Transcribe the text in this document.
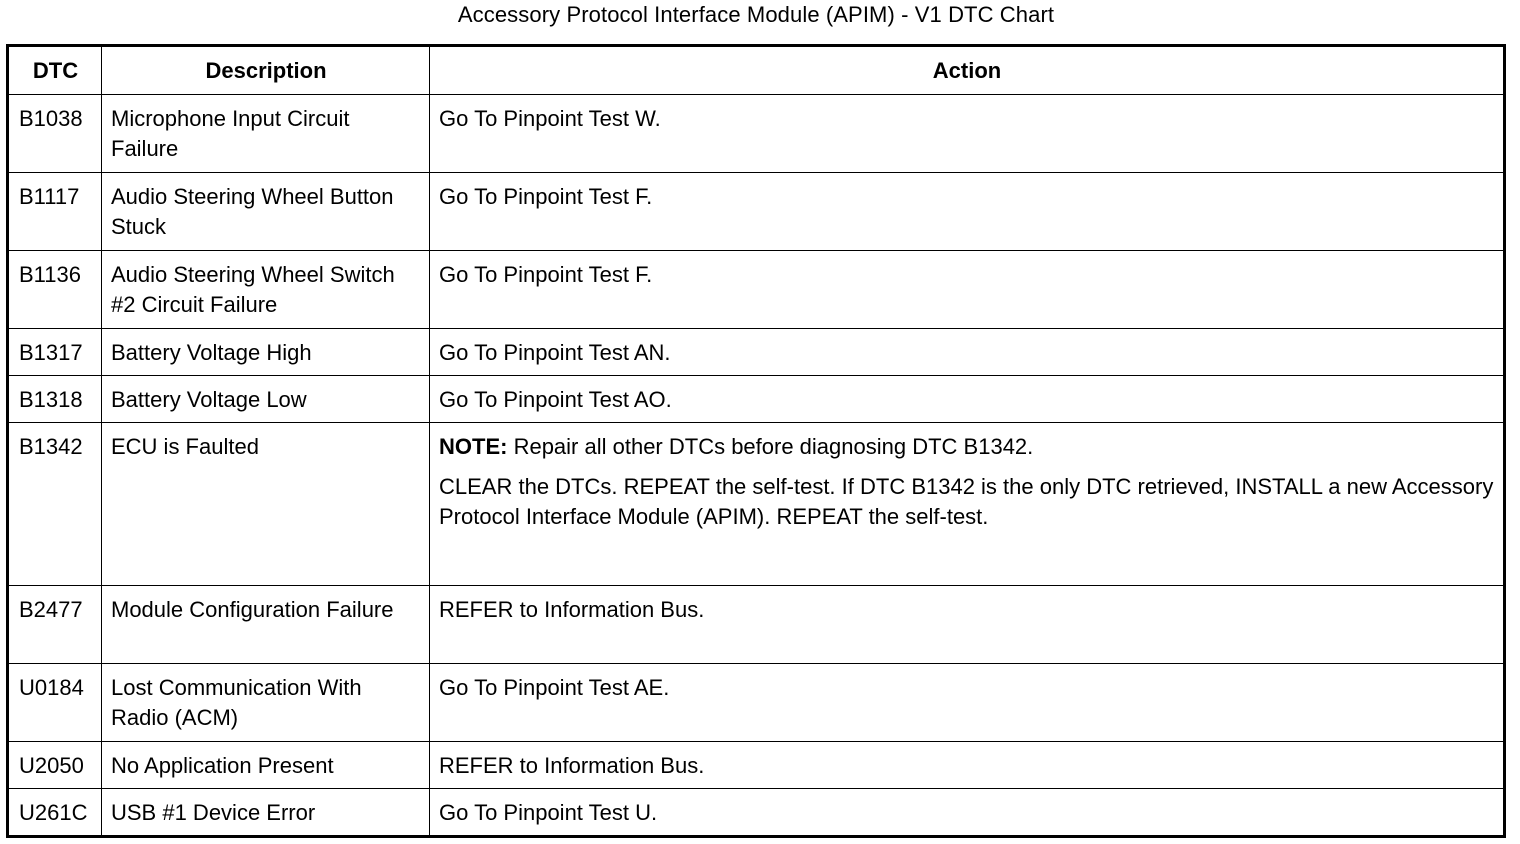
Accessory Protocol Interface Module (APIM) - V1 DTC Chart
DTC	Description	Action
B1038	Microphone Input Circuit Failure	Go To Pinpoint Test W.
B1117	Audio Steering Wheel Button Stuck	Go To Pinpoint Test F.
B1136	Audio Steering Wheel Switch #2 Circuit Failure	Go To Pinpoint Test F.
B1317	Battery Voltage High	Go To Pinpoint Test AN.
B1318	Battery Voltage Low	Go To Pinpoint Test AO.
B1342	ECU is Faulted	NOTE: Repair all other DTCs before diagnosing DTC B1342.

CLEAR the DTCs. REPEAT the self-test. If DTC B1342 is the only DTC retrieved, INSTALL a new Accessory Protocol Interface Module (APIM). REPEAT the self-test.

B2477	Module Configuration Failure	REFER to Information Bus.
U0184	Lost Communication With Radio (ACM)	Go To Pinpoint Test AE.
U2050	No Application Present	REFER to Information Bus.
U261C	USB #1 Device Error	Go To Pinpoint Test U.
